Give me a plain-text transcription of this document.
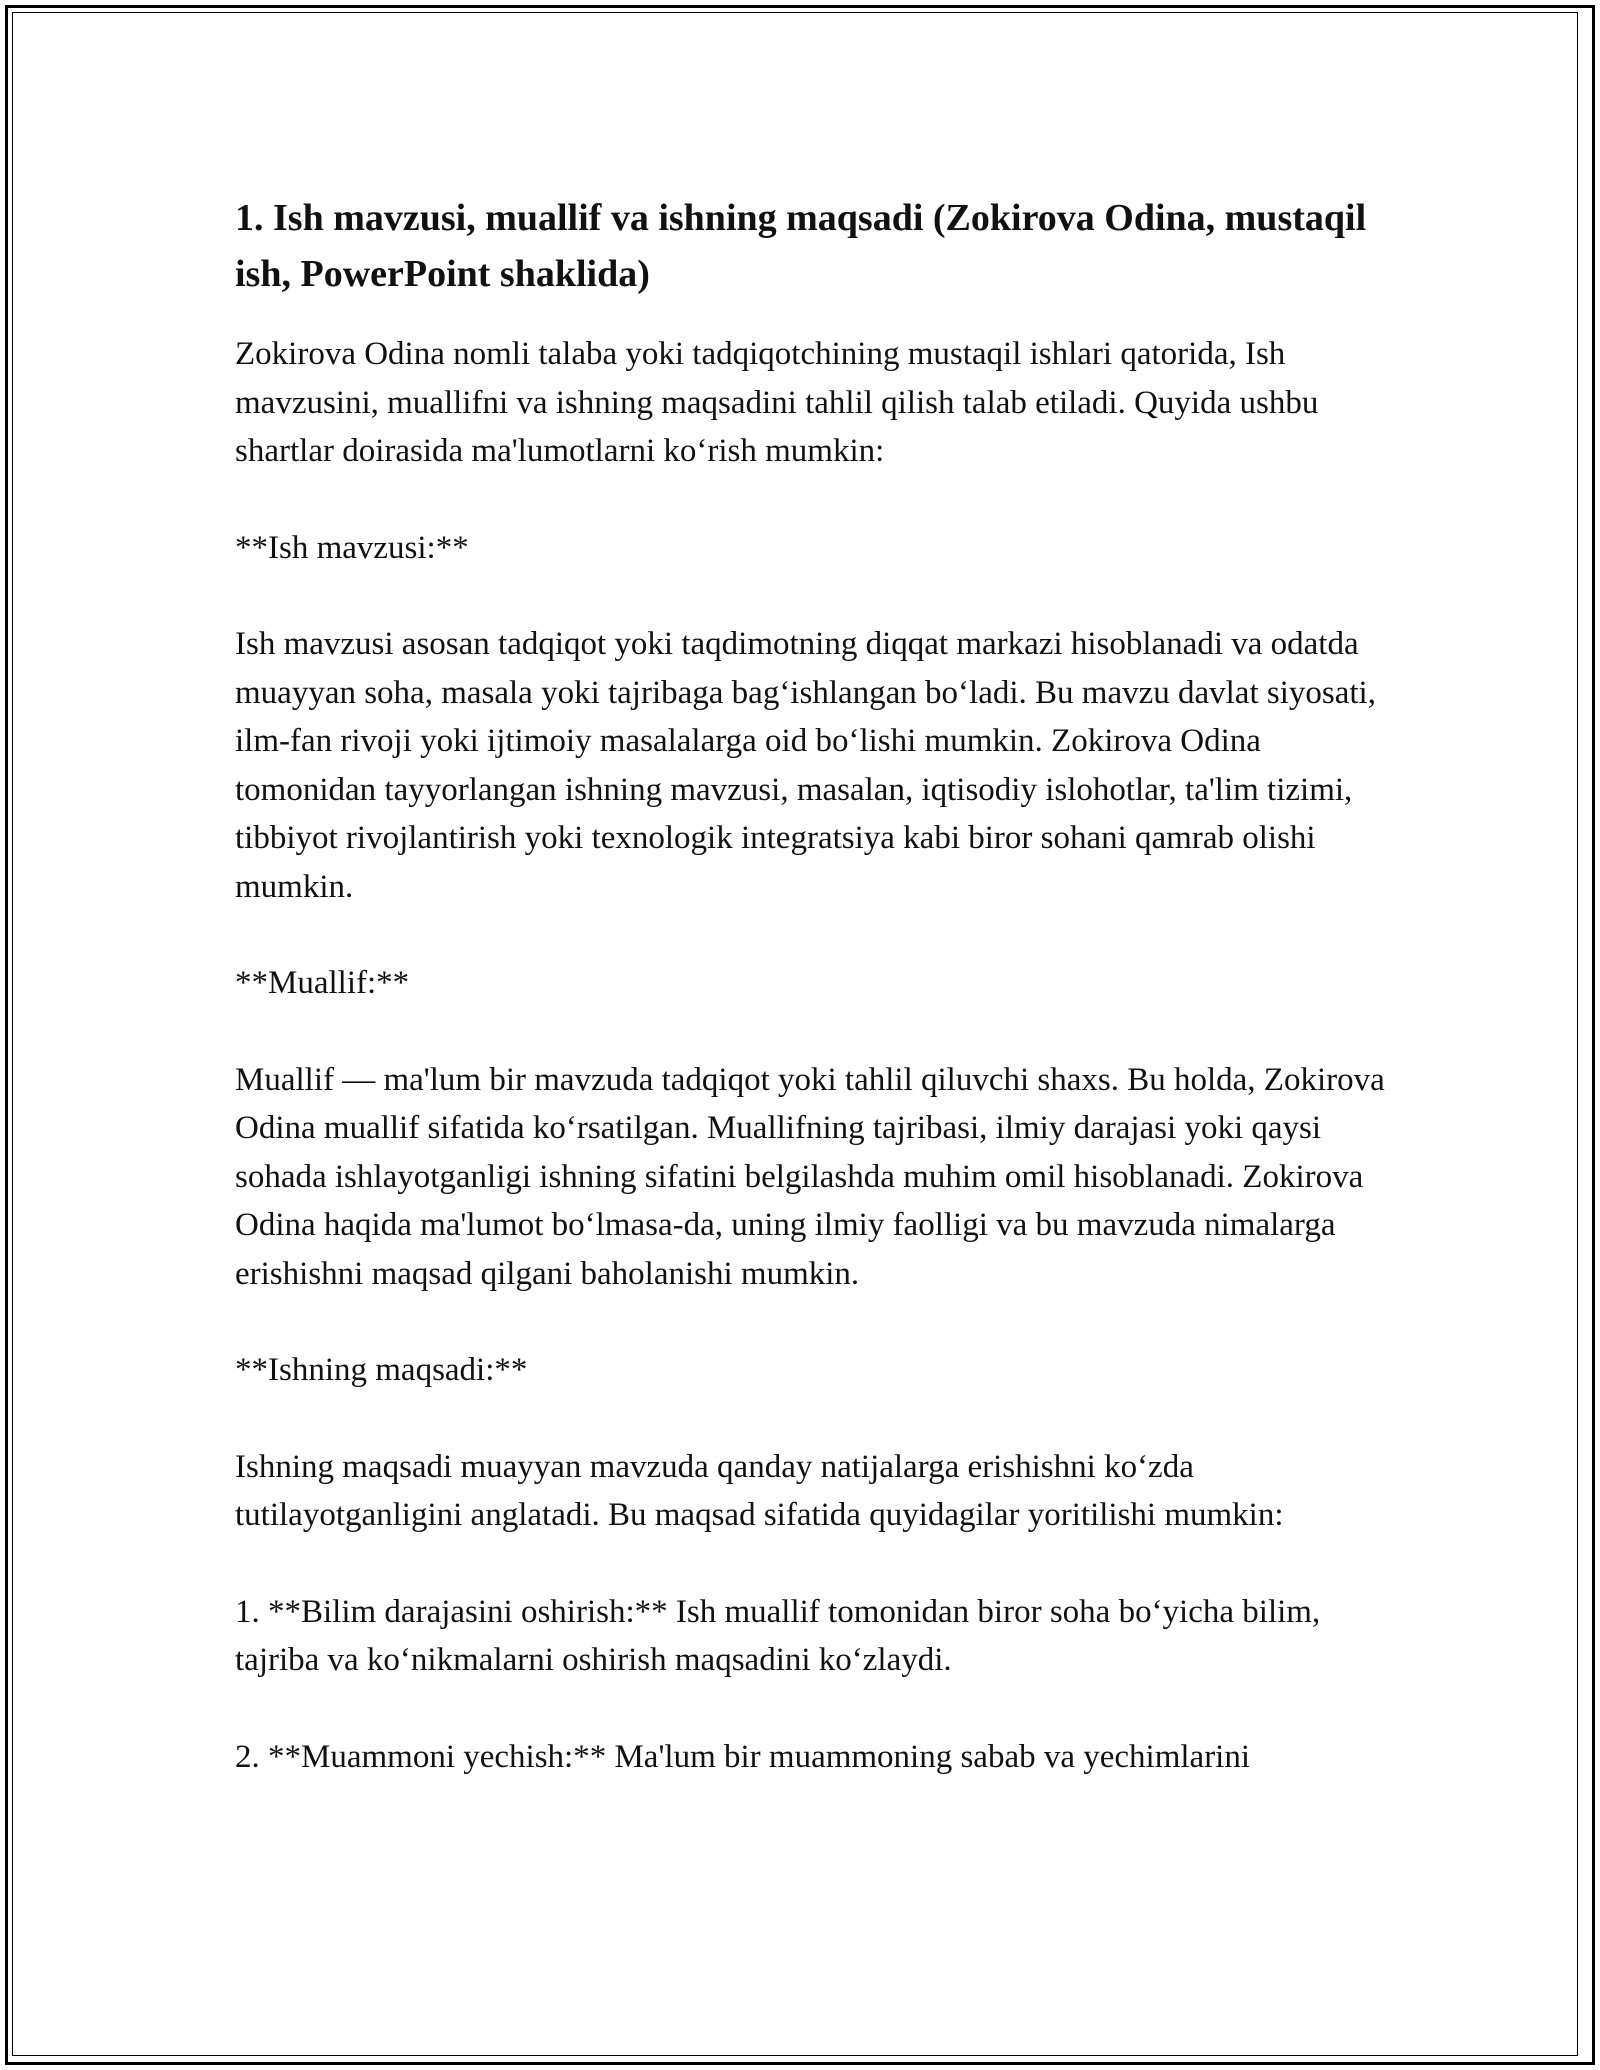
1. Ish mavzusi, muallif va ishning maqsadi (Zokirova Odina, mustaqil ish, PowerPoint shaklida)
Zokirova Odina nomli talaba yoki tadqiqotchining mustaqil ishlari qatorida, Ish mavzusini, muallifni va ishning maqsadini tahlil qilish talab etiladi. Quyida ushbu shartlar doirasida ma'lumotlarni ko‘rish mumkin:
**Ish mavzusi:**
Ish mavzusi asosan tadqiqot yoki taqdimotning diqqat markazi hisoblanadi va odatda muayyan soha, masala yoki tajribaga bag‘ishlangan bo‘ladi. Bu mavzu davlat siyosati, ilm-fan rivoji yoki ijtimoiy masalalarga oid bo‘lishi mumkin. Zokirova Odina tomonidan tayyorlangan ishning mavzusi, masalan, iqtisodiy islohotlar, ta'lim tizimi, tibbiyot rivojlantirish yoki texnologik integratsiya kabi biror sohani qamrab olishi mumkin.
**Muallif:**
Muallif — ma'lum bir mavzuda tadqiqot yoki tahlil qiluvchi shaxs. Bu holda, Zokirova Odina muallif sifatida ko‘rsatilgan. Muallifning tajribasi, ilmiy darajasi yoki qaysi sohada ishlayotganligi ishning sifatini belgilashda muhim omil hisoblanadi. Zokirova Odina haqida ma'lumot bo‘lmasa-da, uning ilmiy faolligi va bu mavzuda nimalarga erishishni maqsad qilgani baholanishi mumkin.
**Ishning maqsadi:**
Ishning maqsadi muayyan mavzuda qanday natijalarga erishishni ko‘zda tutilayotganligini anglatadi. Bu maqsad sifatida quyidagilar yoritilishi mumkin:
1. **Bilim darajasini oshirish:** Ish muallif tomonidan biror soha bo‘yicha bilim, tajriba va ko‘nikmalarni oshirish maqsadini ko‘zlaydi.
2. **Muammoni yechish:** Ma'lum bir muammoning sabab va yechimlarini
